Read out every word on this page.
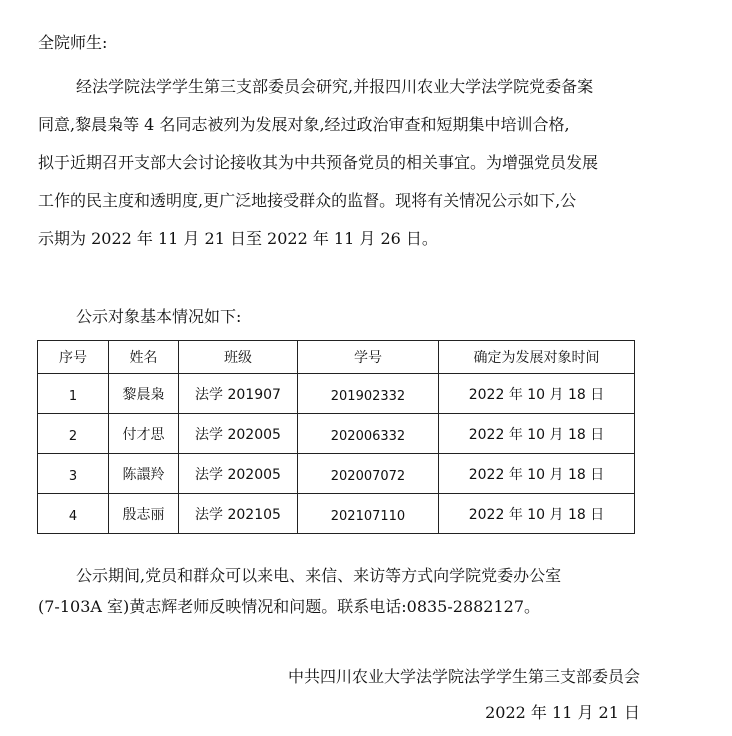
全院师生:
经法学院法学学生第三支部委员会研究,并报四川农业大学法学院党委备案
同意,黎晨枭等 4 名同志被列为发展对象,经过政治审查和短期集中培训合格,
拟于近期召开支部大会讨论接收其为中共预备党员的相关事宜。为增强党员发展
工作的民主度和透明度,更广泛地接受群众的监督。现将有关情况公示如下,公
示期为 2022 年 11 月 21 日至 2022 年 11 月 26 日。
公示对象基本情况如下:
序号	姓名	班级	学号	确定为发展对象时间
1	黎晨枭	法学 201907	201902332	2022 年 10 月 18 日
2	付才思	法学 202005	202006332	2022 年 10 月 18 日
3	陈譞羚	法学 202005	202007072	2022 年 10 月 18 日
4	殷志丽	法学 202105	202107110	2022 年 10 月 18 日
公示期间,党员和群众可以来电、来信、来访等方式向学院党委办公室
(7-103A 室)黄志辉老师反映情况和问题。联系电话:0835-2882127。
中共四川农业大学法学院法学学生第三支部委员会
2022 年 11 月 21 日
